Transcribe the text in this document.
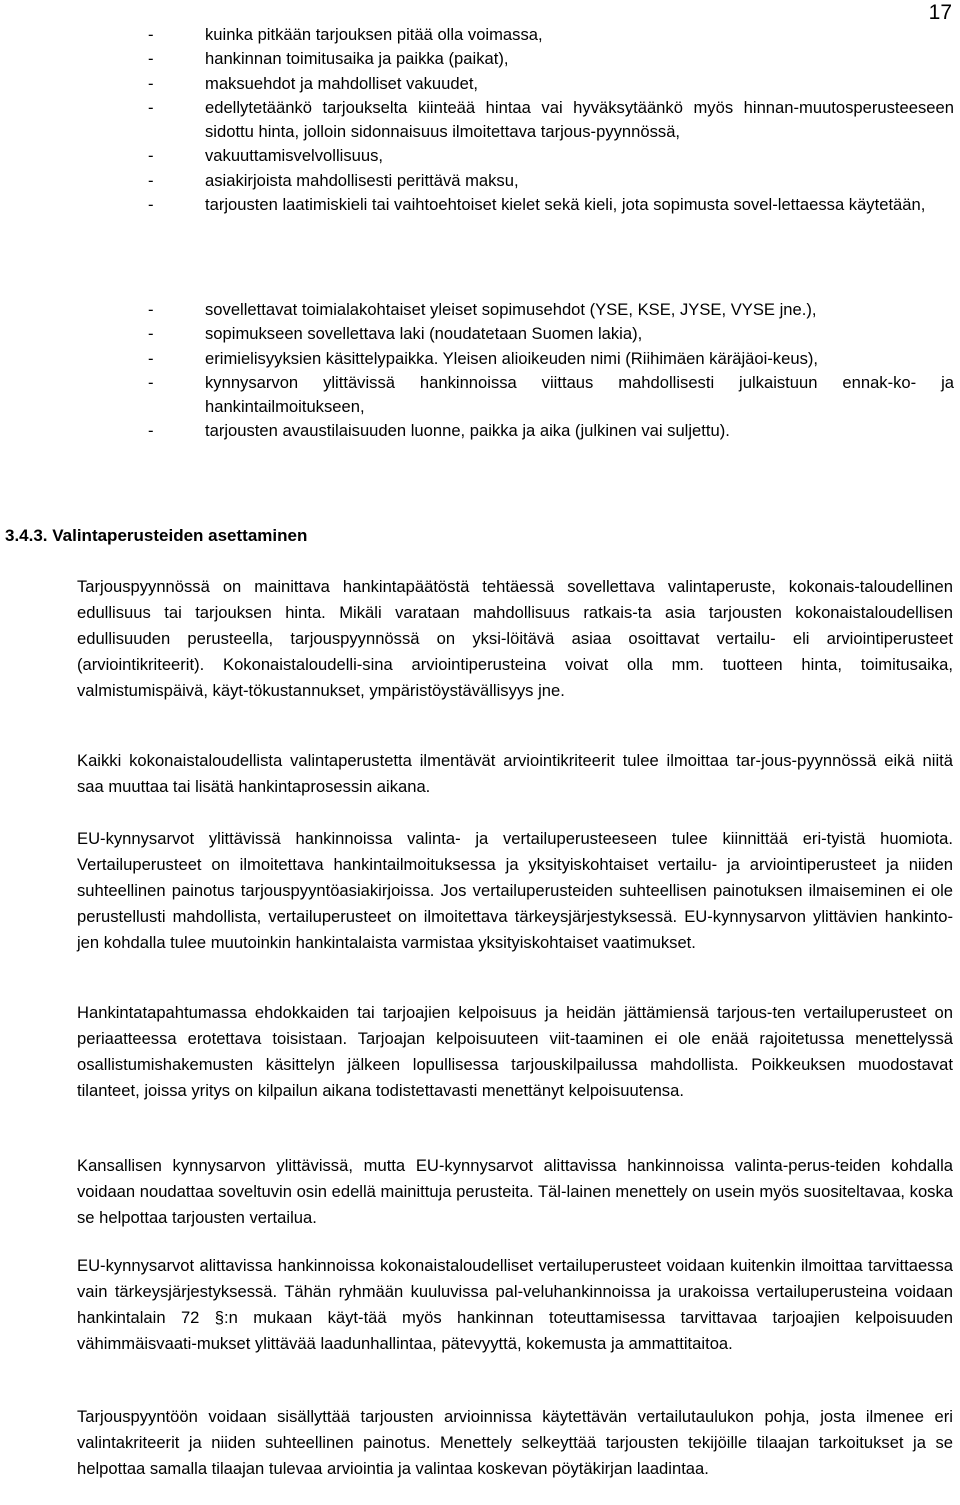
17
-	kuinka pitkään tarjouksen pitää olla voimassa,
-	hankinnan toimitusaika ja paikka (paikat),
-	maksuehdot ja mahdolliset vakuudet,
-	edellytetäänkö tarjoukselta kiinteää hintaa vai hyväksytäänkö myös hinnan-muutosperusteeseen sidottu hinta, jolloin sidonnaisuus ilmoitettava tarjous-pyynnössä,
-	vakuuttamisvelvollisuus,
-	asiakirjoista mahdollisesti perittävä maksu,
-	tarjousten laatimiskieli tai vaihtoehtoiset kielet sekä kieli, jota sopimusta sovel-lettaessa käytetään,
-	sovellettavat toimialakohtaiset yleiset sopimusehdot (YSE, KSE, JYSE, VYSE jne.),
-	sopimukseen sovellettava laki (noudatetaan Suomen lakia),
-	erimielisyyksien käsittelypaikka. Yleisen alioikeuden nimi (Riihimäen käräjäoi-keus),
-	kynnysarvon ylittävissä hankinnoissa viittaus mahdollisesti julkaistuun ennak-ko- ja hankintailmoitukseen,
-	tarjousten avaustilaisuuden luonne, paikka ja aika (julkinen vai suljettu).
3.4.3. Valintaperusteiden asettaminen

Tarjouspyynnössä on mainittava hankintapäätöstä tehtäessä sovellettava valintaperuste, kokonais-taloudellinen edullisuus tai tarjouksen hinta. Mikäli varataan mahdollisuus ratkais-ta asia tarjousten kokonaistaloudellisen edullisuuden perusteella, tarjouspyynnössä on yksi-löitävä asiaa osoittavat vertailu- eli arviointiperusteet (arviointikriteerit). Kokonaistaloudelli-sina arviointiperusteina voivat olla mm. tuotteen hinta, toimitusaika, valmistumispäivä, käyt-tökustannukset, ympäristöystävällisyys jne.

Kaikki kokonaistaloudellista valintaperustetta ilmentävät arviointikriteerit tulee ilmoittaa tar-jous-pyynnössä eikä niitä saa muuttaa tai lisätä hankintaprosessin aikana.

EU-kynnysarvot ylittävissä hankinnoissa valinta- ja vertailuperusteeseen tulee kiinnittää eri-tyistä huomiota. Vertailuperusteet on ilmoitettava hankintailmoituksessa ja yksityiskohtaiset vertailu- ja arviointiperusteet ja niiden suhteellinen painotus tarjouspyyntöasiakirjoissa. Jos vertailuperusteiden suhteellisen painotuksen ilmaiseminen ei ole perustellusti mahdollista, vertailuperusteet on ilmoitettava tärkeysjärjestyksessä. EU-kynnysarvon ylittävien hankinto-jen kohdalla tulee muutoinkin hankintalaista varmistaa yksityiskohtaiset vaatimukset.

Hankintatapahtumassa ehdokkaiden tai tarjoajien kelpoisuus ja heidän jättämiensä tarjous-ten vertailuperusteet on periaatteessa erotettava toisistaan. Tarjoajan kelpoisuuteen viit-taaminen ei ole enää rajoitetussa menettelyssä osallistumishakemusten käsittelyn jälkeen lopullisessa tarjouskilpailussa mahdollista. Poikkeuksen muodostavat tilanteet, joissa yritys on kilpailun aikana todistettavasti menettänyt kelpoisuutensa.

Kansallisen kynnysarvon ylittävissä, mutta EU-kynnysarvot alittavissa hankinnoissa valinta-perus-teiden kohdalla voidaan noudattaa soveltuvin osin edellä mainittuja perusteita. Täl-lainen menettely on usein myös suositeltavaa, koska se helpottaa tarjousten vertailua.

EU-kynnysarvot alittavissa hankinnoissa kokonaistaloudelliset vertailuperusteet voidaan kuitenkin ilmoittaa tarvittaessa vain tärkeysjärjestyksessä. Tähän ryhmään kuuluvissa pal-veluhankinnoissa ja urakoissa vertailuperusteina voidaan hankintalain 72 §:n mukaan käyt-tää myös hankinnan toteuttamisessa tarvittavaa tarjoajien kelpoisuuden vähimmäisvaati-mukset ylittävää laadunhallintaa, pätevyyttä, kokemusta ja ammattitaitoa.

Tarjouspyyntöön voidaan sisällyttää tarjousten arvioinnissa käytettävän vertailutaulukon pohja, josta ilmenee eri valintakriteerit ja niiden suhteellinen painotus. Menettely selkeyttää tarjousten tekijöille tilaajan tarkoitukset ja se helpottaa samalla tilaajan tulevaa arviointia ja valintaa koskevan pöytäkirjan laadintaa.
